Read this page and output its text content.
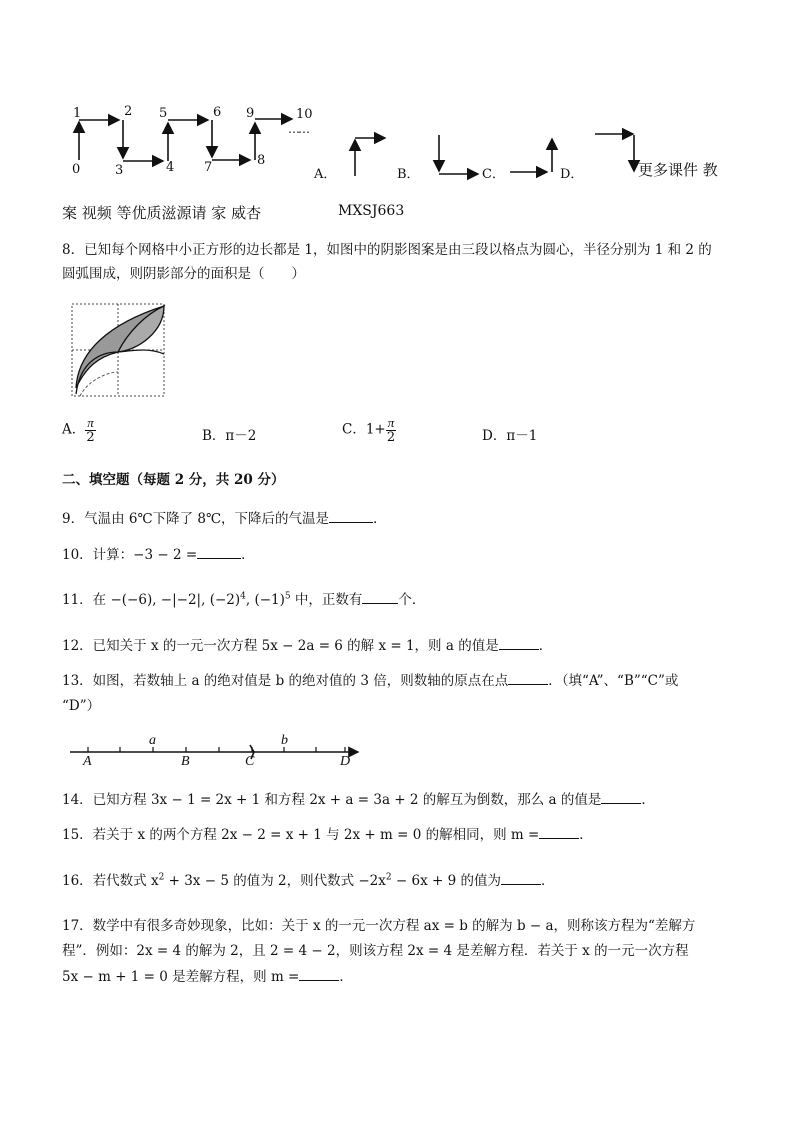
1
0
2
3	4
5	6
7	8
9	10
……
A．	B．	C．	D．	更多课件 教
案 视频 等优质滋源请 家 威杏	MXSJ663
8．已知每个网格中小正方形的边长都是 1，如图中的阴影图案是由三段以格点为圆心，半径分别为 1 和 2 的
圆弧围成，则阴影部分的面积是（　　）
A． $\frac{\pi}{2}$	B．π－2	C．$1+ \frac{\pi}{2}$	D．π－1
二、填空题（每题 2 分，共 20 分）
9．气温由 6℃下降了 8℃，下降后的气温是	．
10．计算：−3 − 2 =	．
11．在 −(−6), −|−2|, $(-2)^4$, $(-1)^5$ 中，正数有	个．
12．已知关于 x 的一元一次方程 5x − 2a = 6 的解 x = 1，则 a 的值是	．
13．如图，若数轴上 a 的绝对值是 b 的绝对值的 3 倍，则数轴的原点在点	．（填“A”、“B”“C”或
“D”）
a	b
A	B	C	D
14．已知方程 3x − 1 = 2x + 1 和方程 2x + a = 3a + 2 的解互为倒数，那么 a 的值是	．
15．若关于 x 的两个方程 2x − 2 = x + 1 与 2x + m = 0 的解相同，则 m =	．
16．若代数式 $x^2 + 3x - 5$ 的值为 2，则代数式 $-2x^2 - 6x + 9$ 的值为	．
17．数学中有很多奇妙现象，比如：关于 x 的一元一次方程 ax = b 的解为 b − a，则称该方程为“差解方
程”．例如：2x = 4 的解为 2，且 2 = 4 − 2，则该方程 2x = 4 是差解方程．若关于 x 的一元一次方程
5x − m + 1 = 0 是差解方程，则 m =	．
